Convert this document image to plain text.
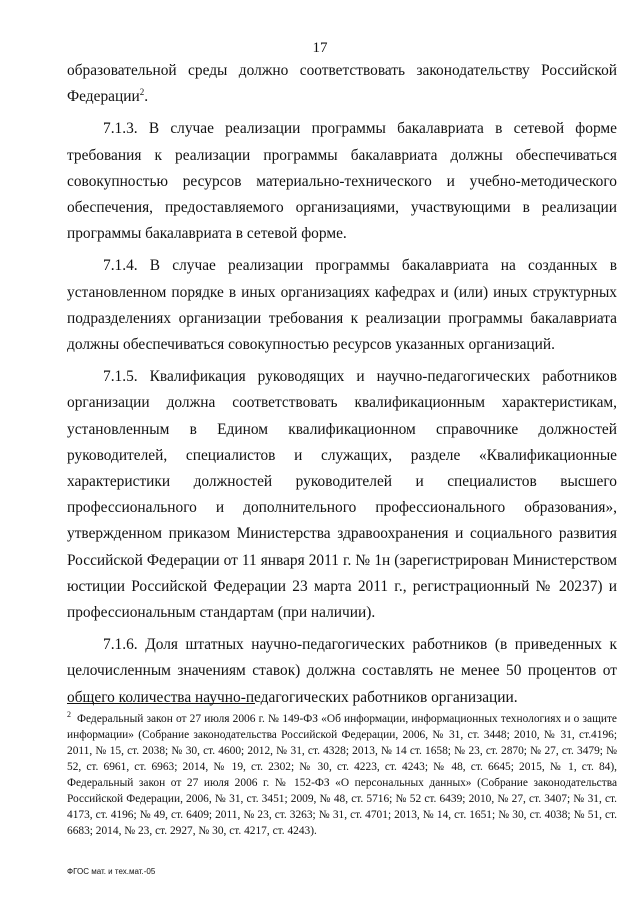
17

образовательной среды должно соответствовать законодательству Российской Федерации$^2$.

7.1.3. В случае реализации программы бакалавриата в сетевой форме требования к реализации программы бакалавриата должны обеспечиваться совокупностью ресурсов материально-технического и учебно-методического обеспечения, предоставляемого организациями, участвующими в реализации программы бакалавриата в сетевой форме.

7.1.4. В случае реализации программы бакалавриата на созданных в установленном порядке в иных организациях кафедрах и (или) иных структурных подразделениях организации требования к реализации программы бакалавриата должны обеспечиваться совокупностью ресурсов указанных организаций.

7.1.5. Квалификация руководящих и научно-педагогических работников организации должна соответствовать квалификационным характеристикам, установленным в Едином квалификационном справочнике должностей руководителей, специалистов и служащих, разделе «Квалификационные характеристики должностей руководителей и специалистов высшего профессионального и дополнительного профессионального образования», утвержденном приказом Министерства здравоохранения и социального развития Российской Федерации от 11 января 2011 г. № 1н (зарегистрирован Министерством юстиции Российской Федерации 23 марта 2011 г., регистрационный № 20237) и профессиональным стандартам (при наличии).

7.1.6. Доля штатных научно-педагогических работников (в приведенных к целочисленным значениям ставок) должна составлять не менее 50 процентов от общего количества научно-педагогических работников организации.

$^2$ Федеральный закон от 27 июля 2006 г. № 149-ФЗ «Об информации, информационных технологиях и о защите информации» (Собрание законодательства Российской Федерации, 2006, № 31, ст. 3448; 2010, № 31, ст.4196; 2011, № 15, ст. 2038; № 30, ст. 4600; 2012, № 31, ст. 4328; 2013, № 14 ст. 1658; № 23, ст. 2870; № 27, ст. 3479; № 52, ст. 6961, ст. 6963; 2014, № 19, ст. 2302; № 30, ст. 4223, ст. 4243; № 48, ст. 6645; 2015, № 1, ст. 84), Федеральный закон от 27 июля 2006 г. № 152-ФЗ «О персональных данных» (Собрание законодательства Российской Федерации, 2006, № 31, ст. 3451; 2009, № 48, ст. 5716; № 52 ст. 6439; 2010, № 27, ст. 3407; № 31, ст. 4173, ст. 4196; № 49, ст. 6409; 2011, № 23, ст. 3263; № 31, ст. 4701; 2013, № 14, ст. 1651; № 30, ст. 4038; № 51, ст. 6683; 2014, № 23, ст. 2927, № 30, ст. 4217, ст. 4243).
ФГОС мат. и тех.мат.-05
